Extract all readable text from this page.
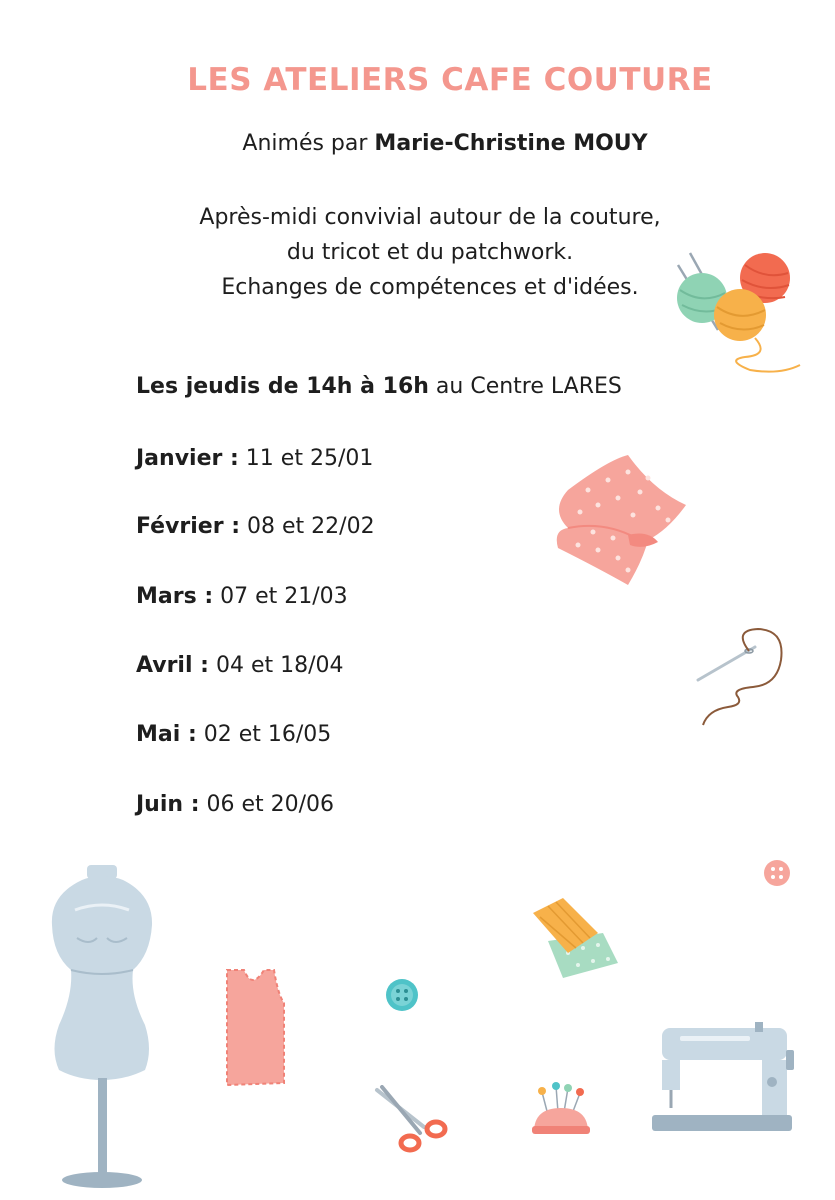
LES ATELIERS CAFE COUTURE
Animés par Marie-Christine MOUY
Après-midi convivial autour de la couture,
du tricot et du patchwork.
Echanges de compétences et d'idées.
Les jeudis de 14h à 16h au Centre LARES
Janvier : 11 et 25/01
Février : 08 et 22/02
Mars : 07 et 21/03
Avril : 04 et 18/04
Mai : 02 et 16/05
Juin : 06 et 20/06
